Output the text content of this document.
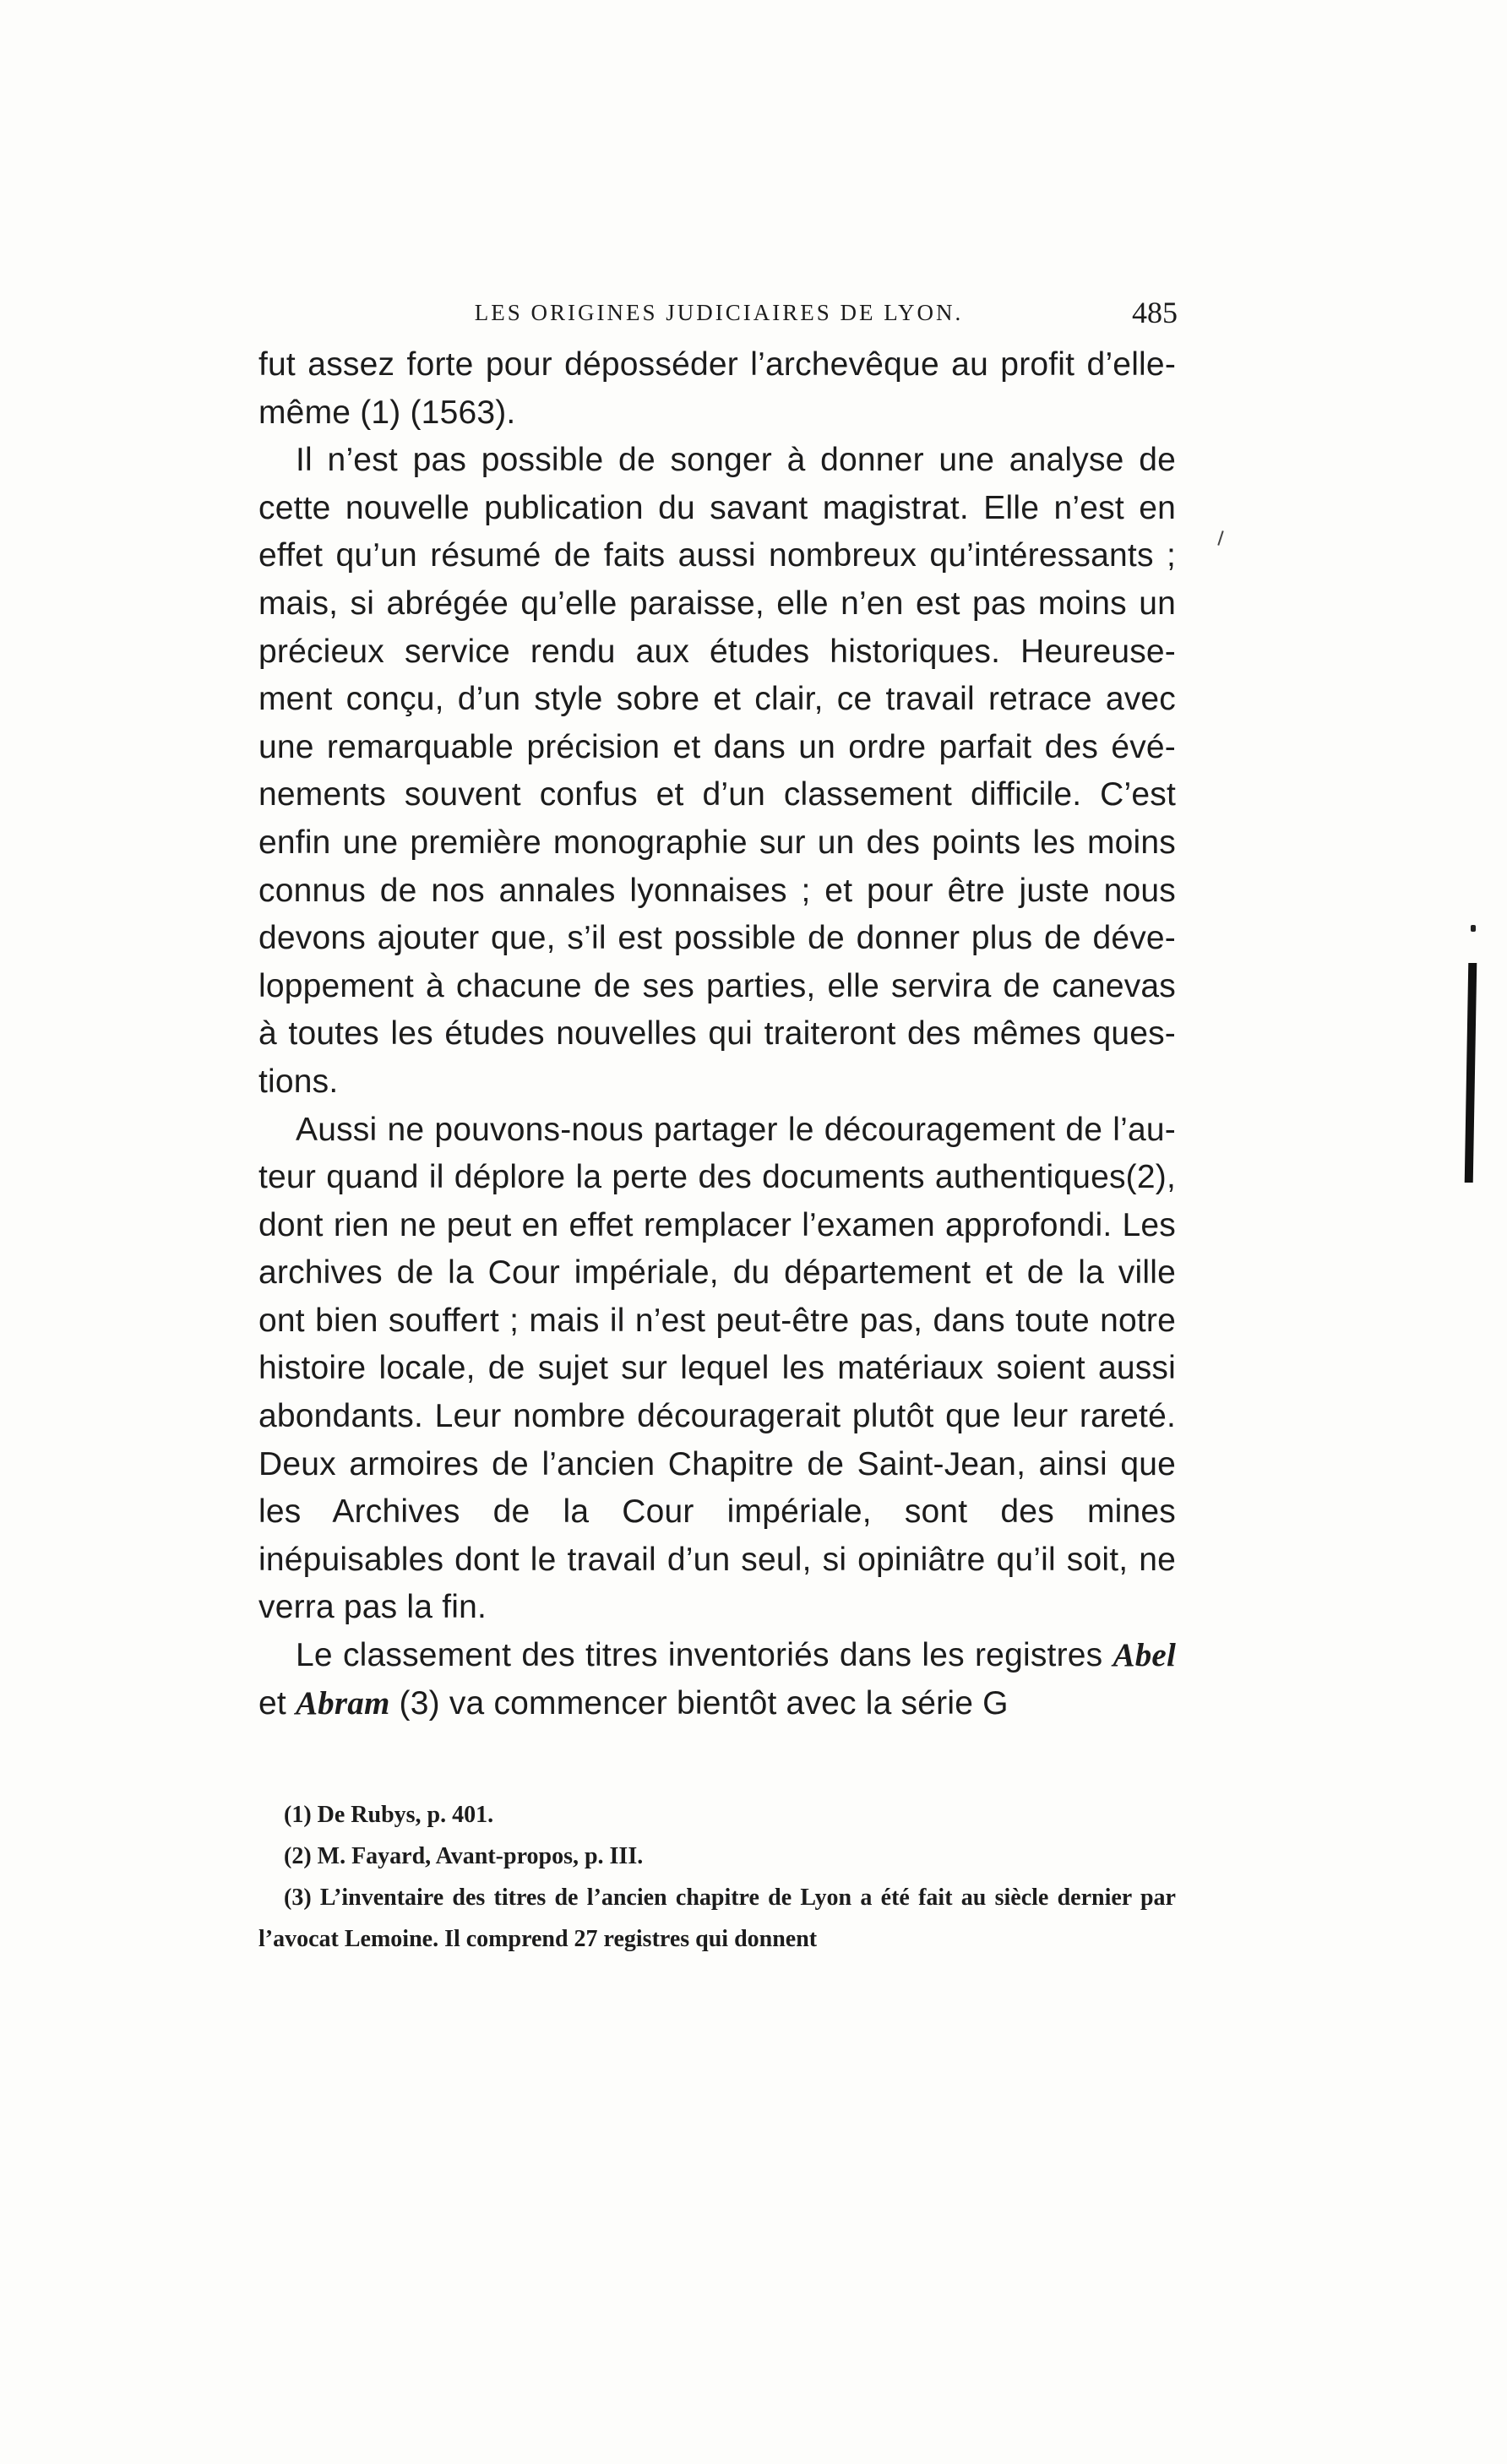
LES ORIGINES JUDICIAIRES DE LYON.	485

fut assez forte pour déposséder l’archevêque au profit d’elle-même (1) (1563).

Il n’est pas possible de songer à donner une analyse de cette nouvelle publication du savant magistrat. Elle n’est en effet qu’un résumé de faits aussi nombreux qu’intéressants ; mais, si abrégée qu’elle paraisse, elle n’en est pas moins un précieux service rendu aux études historiques. Heureuse-ment conçu, d’un style sobre et clair, ce travail retrace avec une remarquable précision et dans un ordre parfait des évé-nements souvent confus et d’un classement difficile. C’est enfin une première monographie sur un des points les moins connus de nos annales lyonnaises ; et pour être juste nous devons ajouter que, s’il est possible de donner plus de déve-loppement à chacune de ses parties, elle servira de canevas à toutes les études nouvelles qui traiteront des mêmes ques-tions.

Aussi ne pouvons-nous partager le découragement de l’au-teur quand il déplore la perte des documents authentiques(2), dont rien ne peut en effet remplacer l’examen approfondi. Les archives de la Cour impériale, du département et de la ville ont bien souffert ; mais il n’est peut-être pas, dans toute notre histoire locale, de sujet sur lequel les matériaux soient aussi abondants. Leur nombre découragerait plutôt que leur rareté. Deux armoires de l’ancien Chapitre de Saint-Jean, ainsi que les Archives de la Cour impériale, sont des mines inépuisables dont le travail d’un seul, si opiniâtre qu’il soit, ne verra pas la fin.

Le classement des titres inventoriés dans les registres Abel et Abram (3) va commencer bientôt avec la série G

(1) De Rubys, p. 401.

(2) M. Fayard, Avant-propos, p. III.

(3) L’inventaire des titres de l’ancien chapitre de Lyon a été fait au siècle dernier par l’avocat Lemoine. Il comprend 27 registres qui donnent
